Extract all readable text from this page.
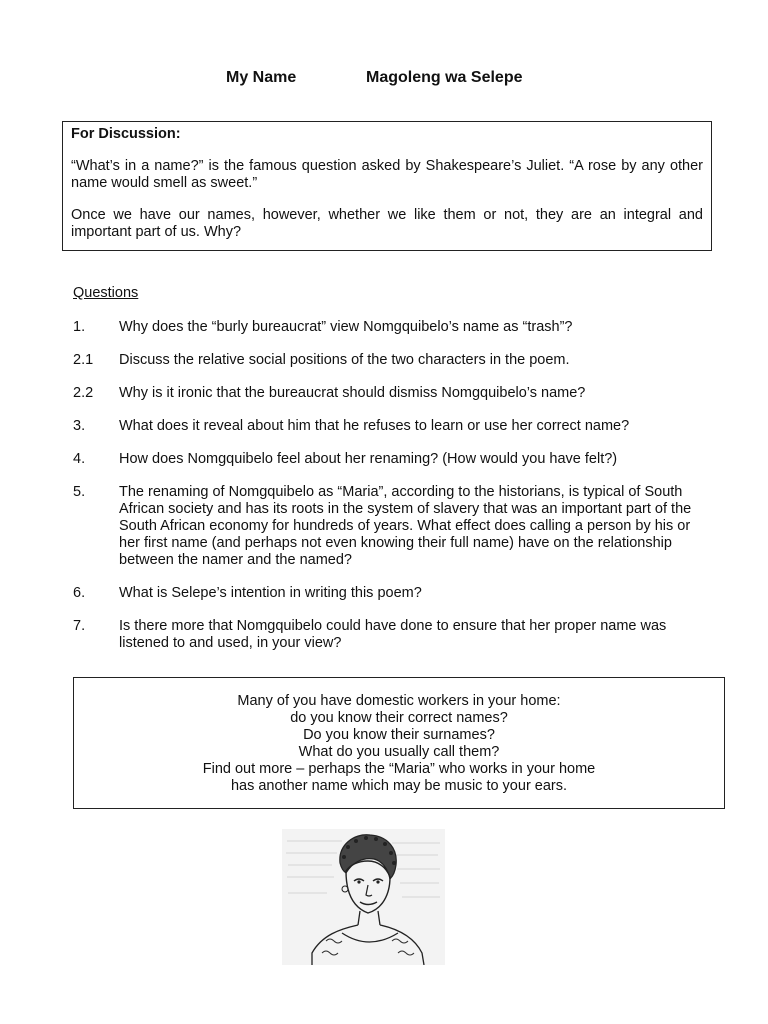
My Name	Magoleng wa Selepe
For Discussion:

“What’s in a name?” is the famous question asked by Shakespeare’s Juliet. “A rose by any other name would smell as sweet.”

Once we have our names, however, whether we like them or not, they are an integral and important part of us. Why?

Questions
1.	Why does the “burly bureaucrat” view Nomgquibelo’s name as “trash”?
2.1	Discuss the relative social positions of the two characters in the poem.
2.2	Why is it ironic that the bureaucrat should dismiss Nomgquibelo’s name?
3.	What does it reveal about him that he refuses to learn or use her correct name?
4.	How does Nomgquibelo feel about her renaming? (How would you have felt?)
5.	The renaming of Nomgquibelo as “Maria”, according to the historians, is typical of South African society and has its roots in the system of slavery that was an important part of the South African economy for hundreds of years. What effect does calling a person by his or her first name (and perhaps not even knowing their full name) have on the relationship between the namer and the named?
6.	What is Selepe’s intention in writing this poem?
7.	Is there more that Nomgquibelo could have done to ensure that her proper name was listened to and used, in your view?
Many of you have domestic workers in your home:
do you know their correct names?
Do you know their surnames?
What do you usually call them?
Find out more – perhaps the “Maria” who works in your home
has another name which may be music to your ears.
